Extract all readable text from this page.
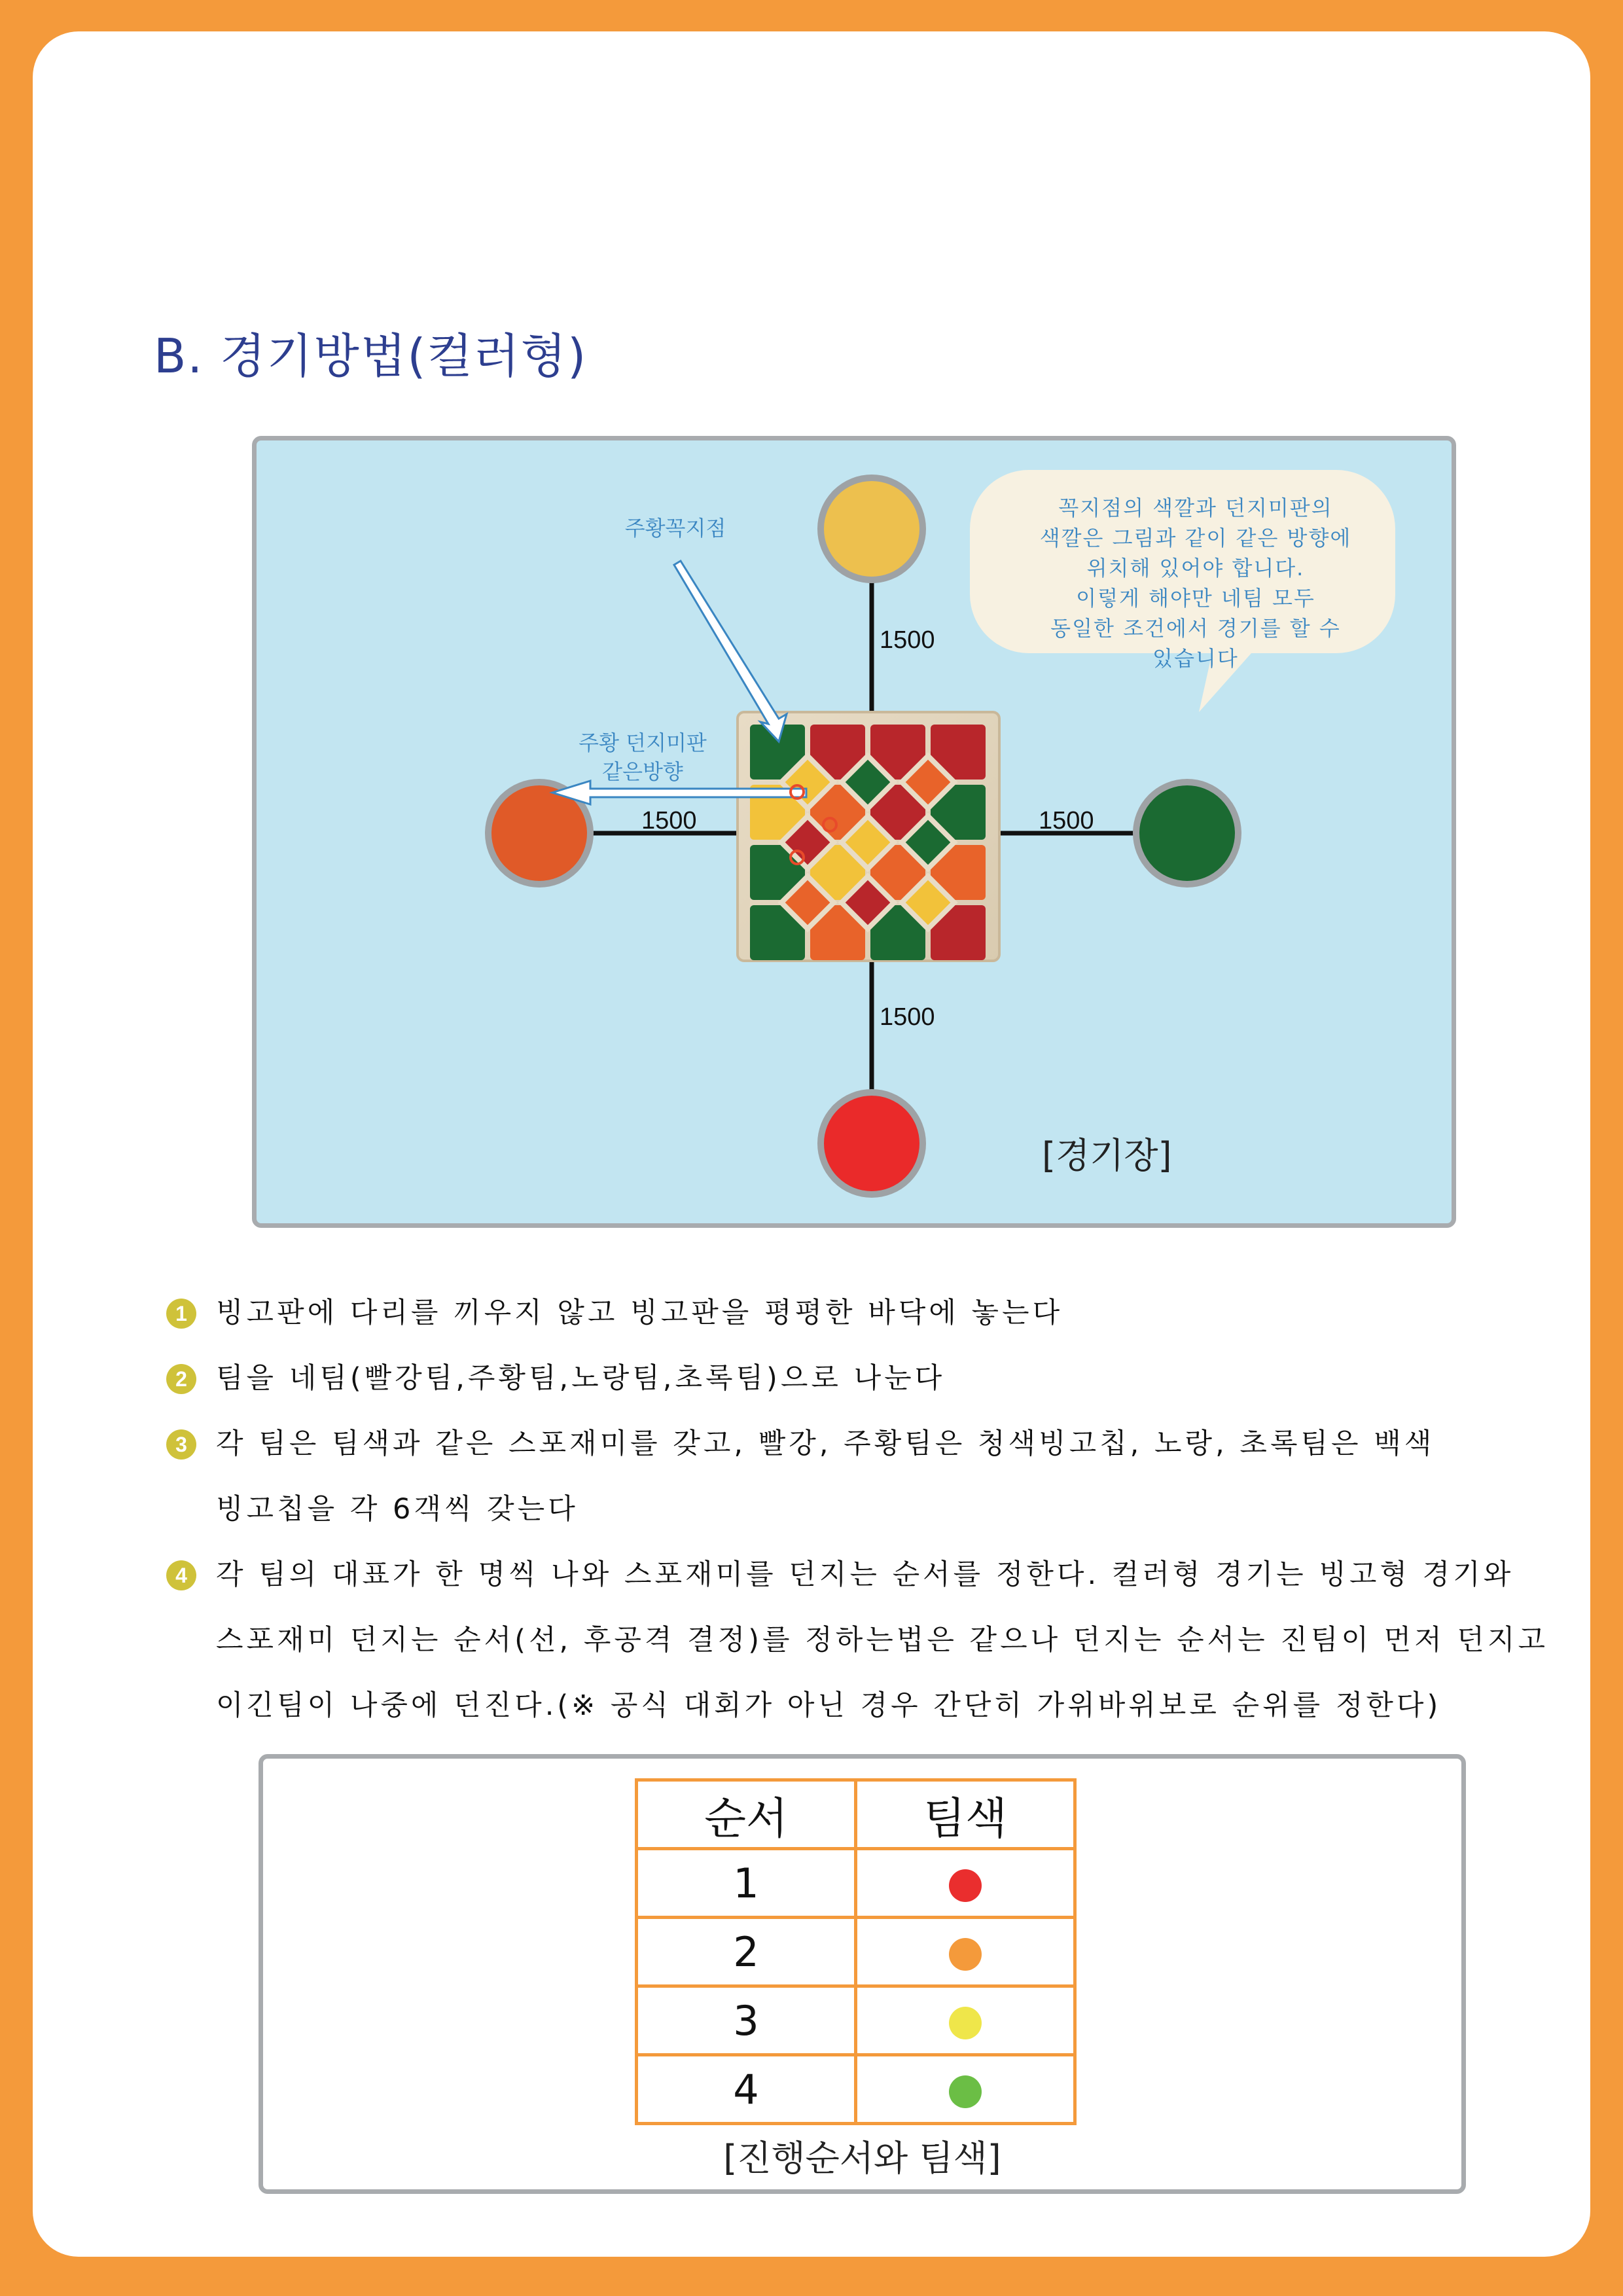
B. 경기방법(컬러형)
1500
1500	1500
1500
주황꼭지점
주황 던지미판
같은방향
꼭지점의 색깔과 던지미판의
색깔은 그림과 같이 같은 방향에
위치해 있어야 합니다.
이렇게 해야만 네팀 모두
동일한 조건에서 경기를 할 수
있습니다
[경기장]
1	빙고판에 다리를 끼우지 않고 빙고판을 평평한 바닥에 놓는다
2	팀을 네팀(빨강팀,주황팀,노랑팀,초록팀)으로 나눈다
3	각 팀은 팀색과 같은 스포재미를 갖고, 빨강, 주황팀은 청색빙고칩, 노랑, 초록팀은 백색
빙고칩을 각 6객씩 갖는다
4	각 팀의 대표가 한 명씩 나와 스포재미를 던지는 순서를 정한다. 컬러형 경기는 빙고형 경기와
스포재미 던지는 순서(선, 후공격 결정)를 정하는법은 같으나 던지는 순서는 진팀이 먼저 던지고
이긴팀이 나중에 던진다.(※ 공식 대회가 아닌 경우 간단히 가위바위보로 순위를 정한다)
순서	팀색
1	
2	
3	
4	
[진행순서와 팀색]
